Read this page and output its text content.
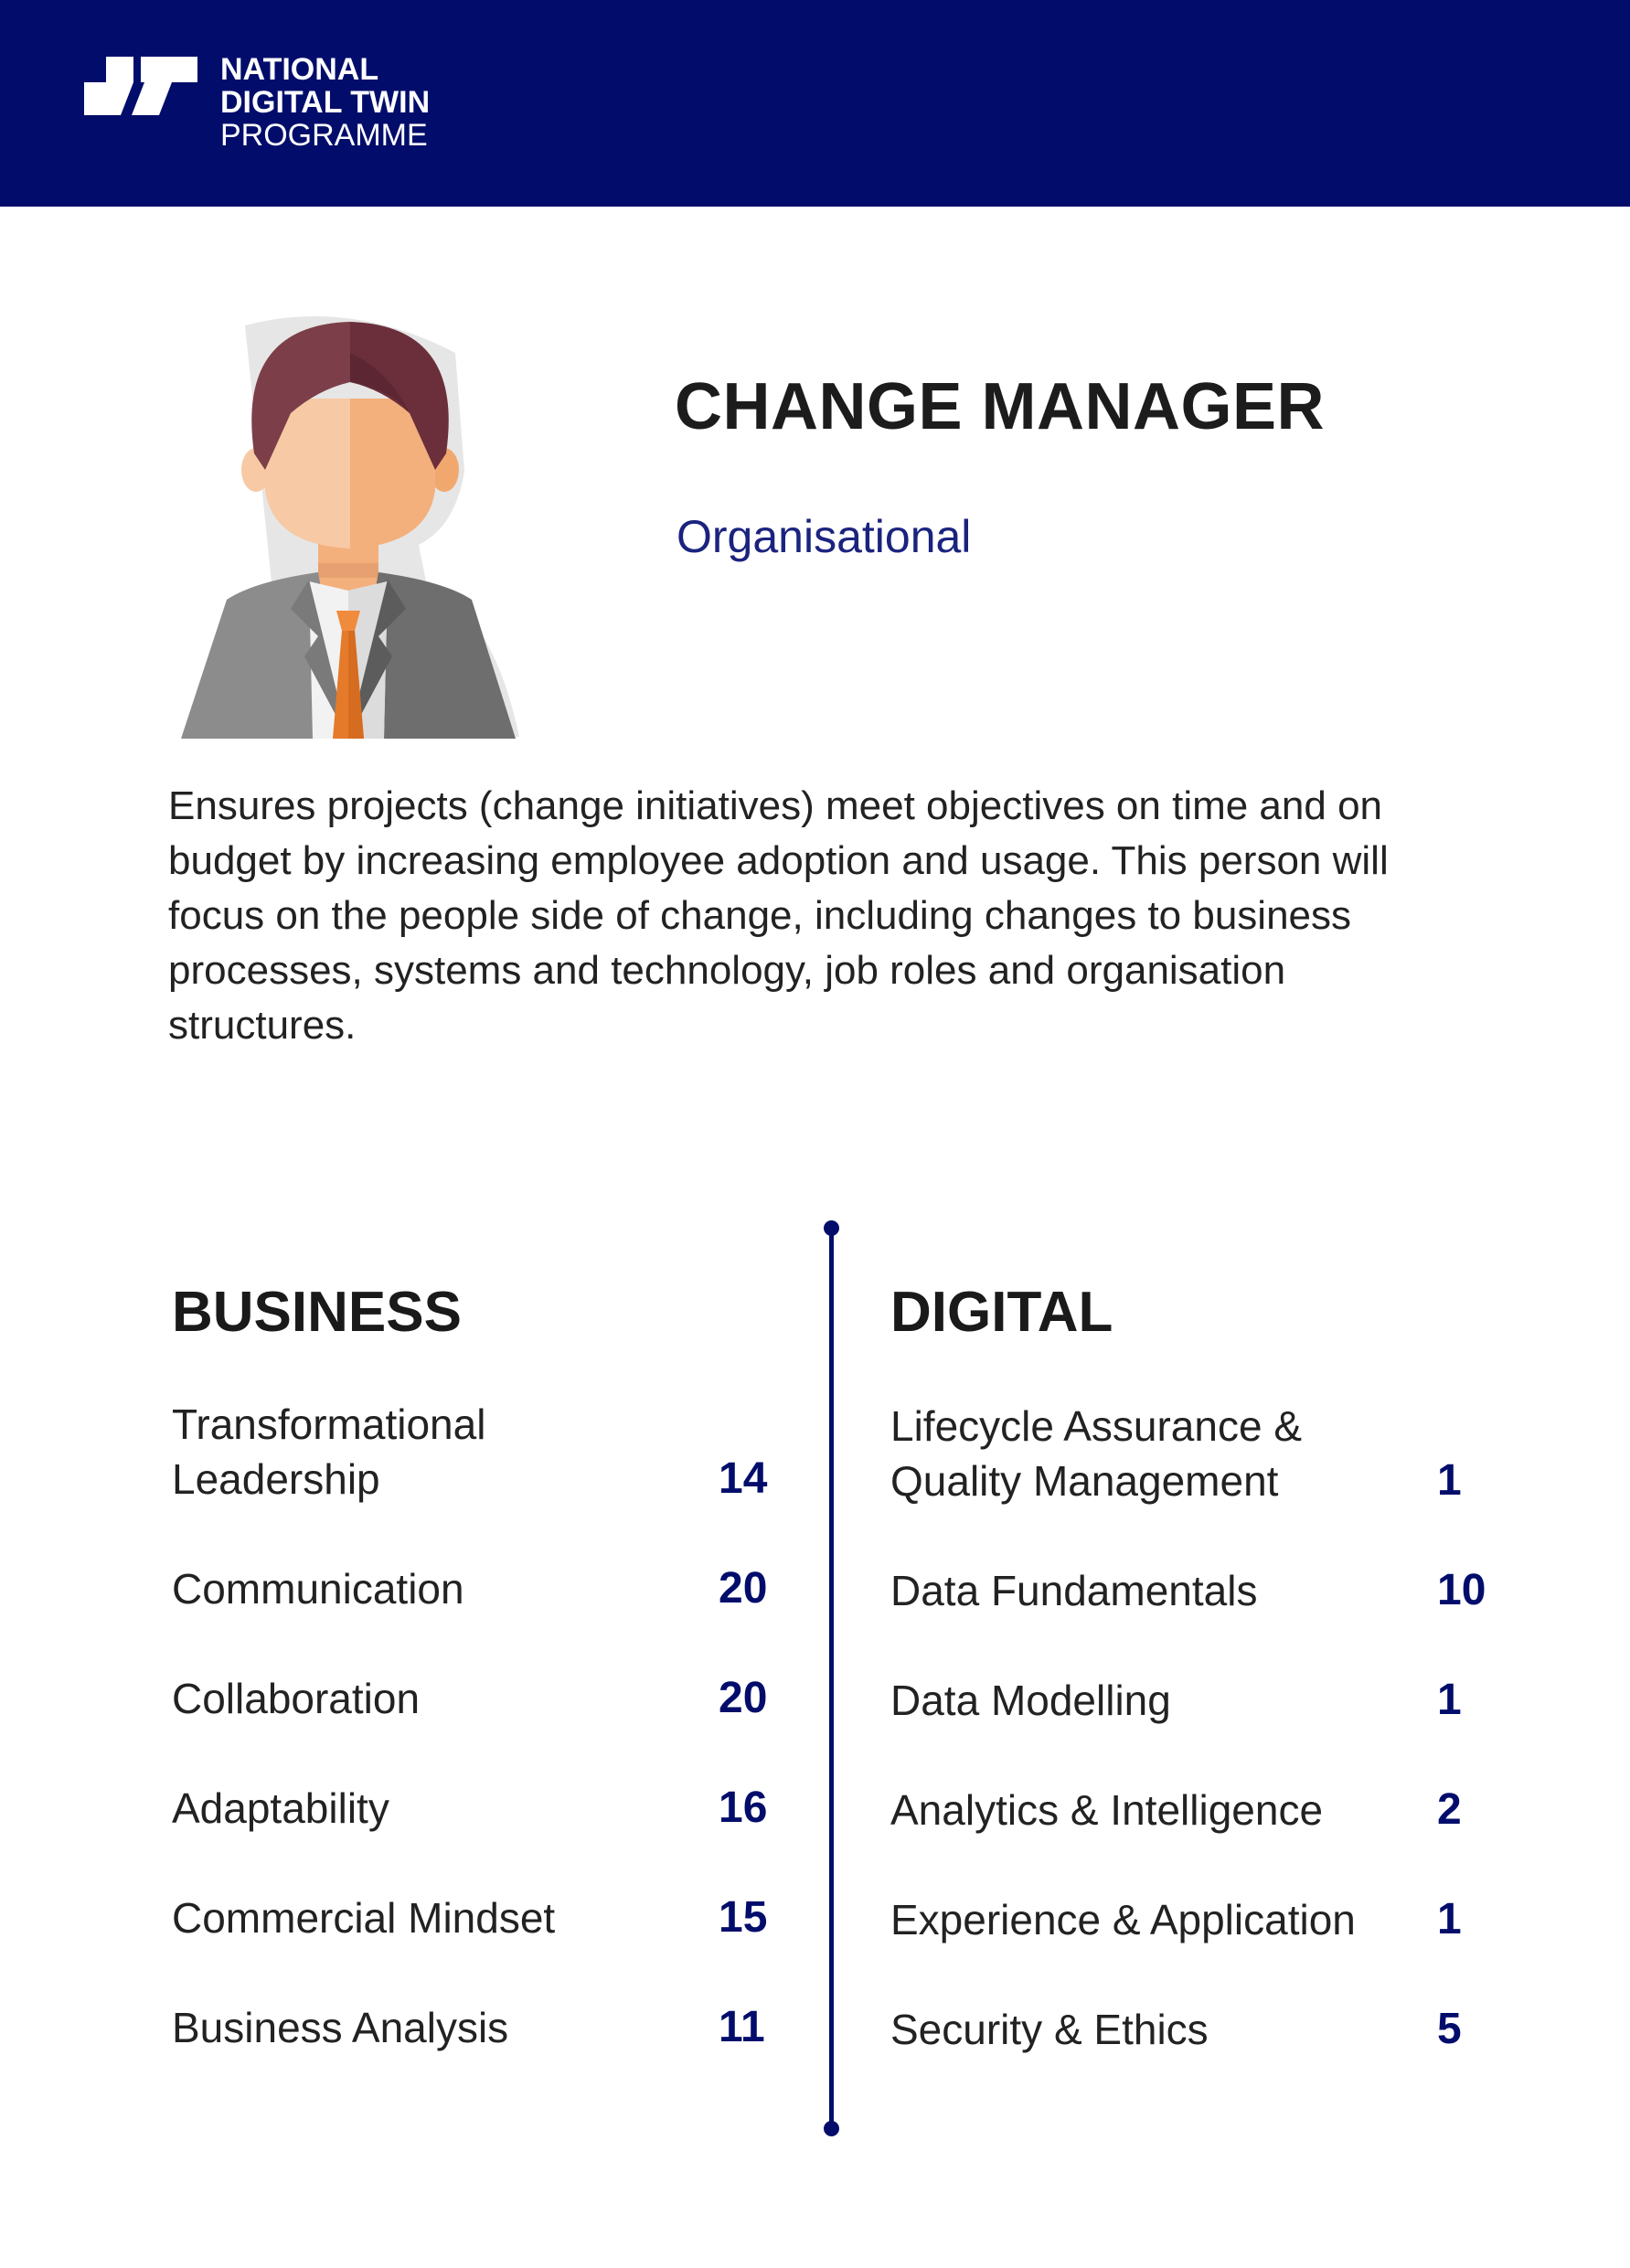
NATIONAL
DIGITAL TWIN
PROGRAMME
CHANGE MANAGER
Organisational
Ensures projects (change initiatives) meet objectives on time and on budget by increasing employee adoption and usage. This person will focus on the people side of change, including changes to business processes, systems and technology, job roles and organisation structures.
BUSINESS
Transformational
Leadership	14
Communication	20
Collaboration	20
Adaptability	16
Commercial Mindset	15
Business Analysis	11
DIGITAL
Lifecycle Assurance &
Quality Management	1
Data Fundamentals	10
Data Modelling	1
Analytics & Intelligence	2
Experience & Application 1
Security & Ethics	5
